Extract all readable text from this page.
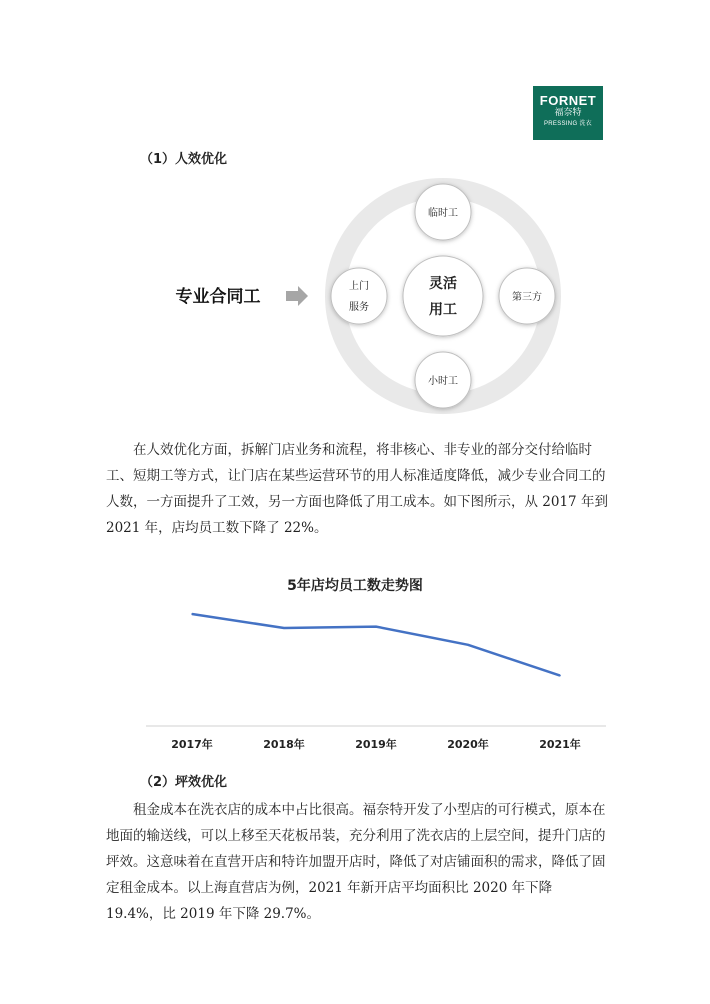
FORNET
福奈特
PRESSING 洗衣
（1）人效优化
灵活
用工
临时工
第三方
小时工
上门
服务
专业合同工

在人效优化方面，拆解门店业务和流程，将非核心、非专业的部分交付给临时工、短期工等方式，让门店在某些运营环节的用人标准适度降低，减少专业合同工的人数，一方面提升了工效，另一方面也降低了用工成本。如下图所示，从 2017 年到 2021 年，店均员工数下降了 22%。

5年店均员工数走势图
2017年	2018年	2019年	2020年	2021年
（2）坪效优化

租金成本在洗衣店的成本中占比很高。福奈特开发了小型店的可行模式，原本在地面的输送线，可以上移至天花板吊装，充分利用了洗衣店的上层空间，提升门店的坪效。这意味着在直营开店和特许加盟开店时，降低了对店铺面积的需求，降低了固定租金成本。以上海直营店为例，2021 年新开店平均面积比 2020 年下降 19.4%，比 2019 年下降 29.7%。
